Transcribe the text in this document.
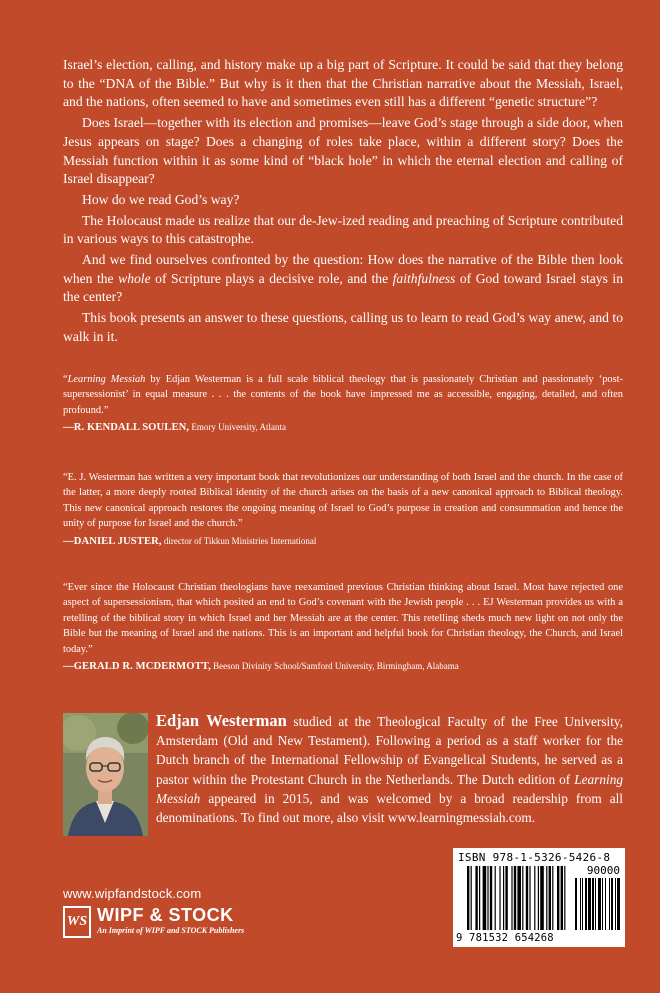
Israel’s election, calling, and history make up a big part of Scripture. It could be said that they belong to the “DNA of the Bible.” But why is it then that the Christian narrative about the Messiah, Israel, and the nations, often seemed to have and sometimes even still has a different “genetic structure”?

Does Israel—together with its election and promises—leave God’s stage through a side door, when Jesus appears on stage? Does a changing of roles take place, within a different story? Does the Messiah function within it as some kind of “black hole” in which the eternal election and calling of Israel disappear?

How do we read God’s way?

The Holocaust made us realize that our de-Jew-ized reading and preaching of Scripture contributed in various ways to this catastrophe.

And we find ourselves confronted by the question: How does the narrative of the Bible then look when the whole of Scripture plays a decisive role, and the faithfulness of God toward Israel stays in the center?

This book presents an answer to these questions, calling us to learn to read God’s way anew, and to walk in it.

“Learning Messiah by Edjan Westerman is a full scale biblical theology that is passionately Christian and passionately ‘post-supersessionist’ in equal measure . . . the contents of the book have impressed me as accessible, engaging, detailed, and often profound.”

—R. KENDALL SOULEN, Emory University, Atlanta

“E. J. Westerman has written a very important book that revolutionizes our understanding of both Israel and the church. In the case of the latter, a more deeply rooted Biblical identity of the church arises on the basis of a new canonical approach to Biblical theology. This new canonical approach restores the ongoing meaning of Israel to God’s purpose in creation and consummation and hence the unity of purpose for Israel and the church.”

—DANIEL JUSTER, director of Tikkun Ministries International

“Ever since the Holocaust Christian theologians have reexamined previous Christian thinking about Israel. Most have rejected one aspect of supersessionism, that which posited an end to God’s covenant with the Jewish people . . . EJ Westerman provides us with a retelling of the biblical story in which Israel and her Messiah are at the center. This retelling sheds much new light on not only the Bible but the meaning of Israel and the nations. This is an important and helpful book for Christian theology, the Church, and Israel today.”

—GERALD R. MCDERMOTT, Beeson Divinity School/Samford University, Birmingham, Alabama

Edjan Westerman studied at the Theological Faculty of the Free University, Amsterdam (Old and New Testament). Following a period as a staff worker for the Dutch branch of the International Fellowship of Evangelical Students, he served as a pastor within the Protestant Church in the Netherlands. The Dutch edition of Learning Messiah appeared in 2015, and was welcomed by a broad readership from all denominations. To find out more, also visit www.learningmessiah.com.
ISBN 978-1-5326-5426-8
90000
9 781532 654268
www.wipfandstock.com
WS WIPF & STOCK
An Imprint of WIPF and STOCK Publishers
